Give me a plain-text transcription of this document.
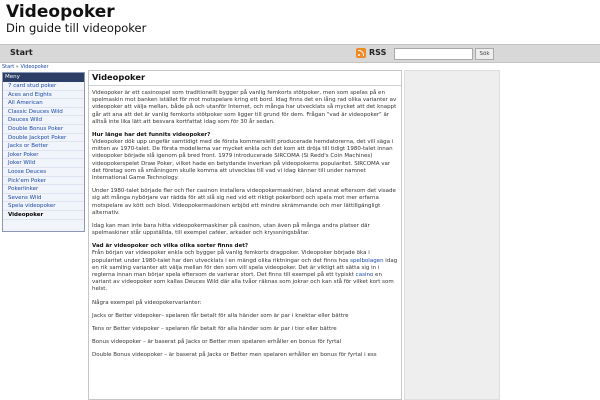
Videopoker
Din guide till videopoker
Start	RSS	Sök
Start » Videopoker
Meny
7 card stud poker
Aces and Eights
All American
Classic Deuces Wild
Deuces Wild
Double Bonus Poker
Double Jackpot Poker
Jacks or Better
Joker Poker
Joker Wild
Loose Deuces
Pick'em Poker
Pokerlinker
Sevens Wild
Spela videopoker
Videopoker
Videopoker

Videopoker är ett casinospel som traditionellt bygger på vanlig femkorts stötpoker, men som spelas på en spelmaskin mot banken istället för mot motspelare kring ett bord. Idag finns det en lång rad olika varianter av videopoker att välja mellan, både på och utanför Internet, och många har utvecklats så mycket att det knappt går att ana att det är vanlig femkorts stötpoker som ligger till grund för dem. Frågan "vad är videopoker" är alltså inte lika lätt att besvara kortfattat idag som för 30 år sedan.

Hur länge har det funnits videopoker?

Videopoker dök upp ungefär samtidigt med de första kommersiellt producerade hemdatorerna, det vill säga i mitten av 1970-talet. De första modellerna var mycket enkla och det kom att dröja till tidigt 1980-talet innan videopoker började slå igenom på bred front. 1979 introducerade SIRCOMA (Si Redd's Coin Machines) videopokerspelet Draw Poker, vilket hade en betydande inverkan på videopokerns popularitet. SIRCOMA var det företag som så småningom skulle komma att utvecklas till vad vi idag känner till under namnet International Game Technology.

Under 1980-talet började fler och fler casinon installera videopokermaskiner, bland annat eftersom det visade sig att många nybörjare var rädda för att slå sig ned vid ett riktigt pokerbord och spela mot mer erfarna motspelare av kött och blod. Videopokermaskinen erbjöd ett mindre skrämmande och mer lättillgängligt alternativ.

Idag kan man inte bara hitta videopokermaskiner på casinon, utan även på många andra platser där spelmaskiner står uppställda, till exempel caféer, arkader och kryssningsbåtar.

Vad är videopoker och vilka olika sorter finns det?

Från början var videopoker enkla och bygger på vanlig femkorts dragpoker. Videopoker började öka i popularitet under 1980-talet har den utvecklats i en mängd olika riktningar och det finns hos spelbolagen idag en rik samling varianter att välja mellan för den som vill spela videopoker. Det är viktigt att sätta sig in i reglerna innan man börjar spela eftersom de varierar stort. Det finns till exempel på ett typiskt casino en variant av videopoker som kallas Deuces Wild där alla tvåor räknas som jokrar och kan stå för vilket kort som helst.

Några exempel på videopokervarianter:

Jacks or Better videpoker– spelaren får betalt för alla händer som är par i knektar eller bättre

Tens or Better videpoker – spelaren får betalt för alla händer som är par i tior eller bättre

Bonus videopoker – är baserat på Jacks or Better men spelaren erhåller en bonus för fyrtal

Double Bonus videopoker – är baserat på Jacks or Better men spelaren erhåller en bonus för fyrtal i ess
